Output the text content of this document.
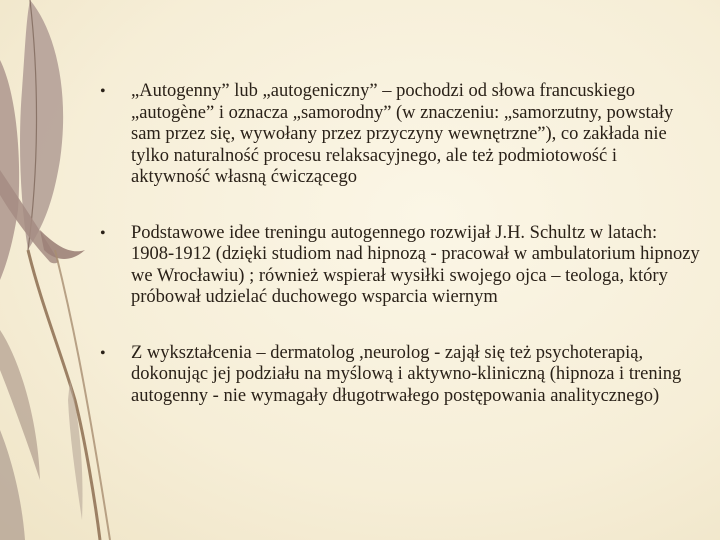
• „Autogenny” lub „autogeniczny” – pochodzi od słowa francuskiego „autogène” i oznacza „samorodny” (w znaczeniu: „samorzutny, powstały sam przez się, wywołany przez przyczyny wewnętrzne”), co zakłada nie tylko naturalność procesu relaksacyjnego, ale też podmiotowość i aktywność własną ćwiczącego
• Podstawowe idee treningu autogennego rozwijał J.H. Schultz w latach: 1908-1912 (dzięki studiom nad hipnozą - pracował w ambulatorium hipnozy we Wrocławiu) ; również wspierał wysiłki swojego ojca – teologa, który próbował udzielać duchowego wsparcia wiernym
• Z wykształcenia – dermatolog ,neurolog - zajął się też psychoterapią, dokonując jej podziału na myślową i aktywno-kliniczną (hipnoza i trening autogenny - nie wymagały długotrwałego postępowania analitycznego)
